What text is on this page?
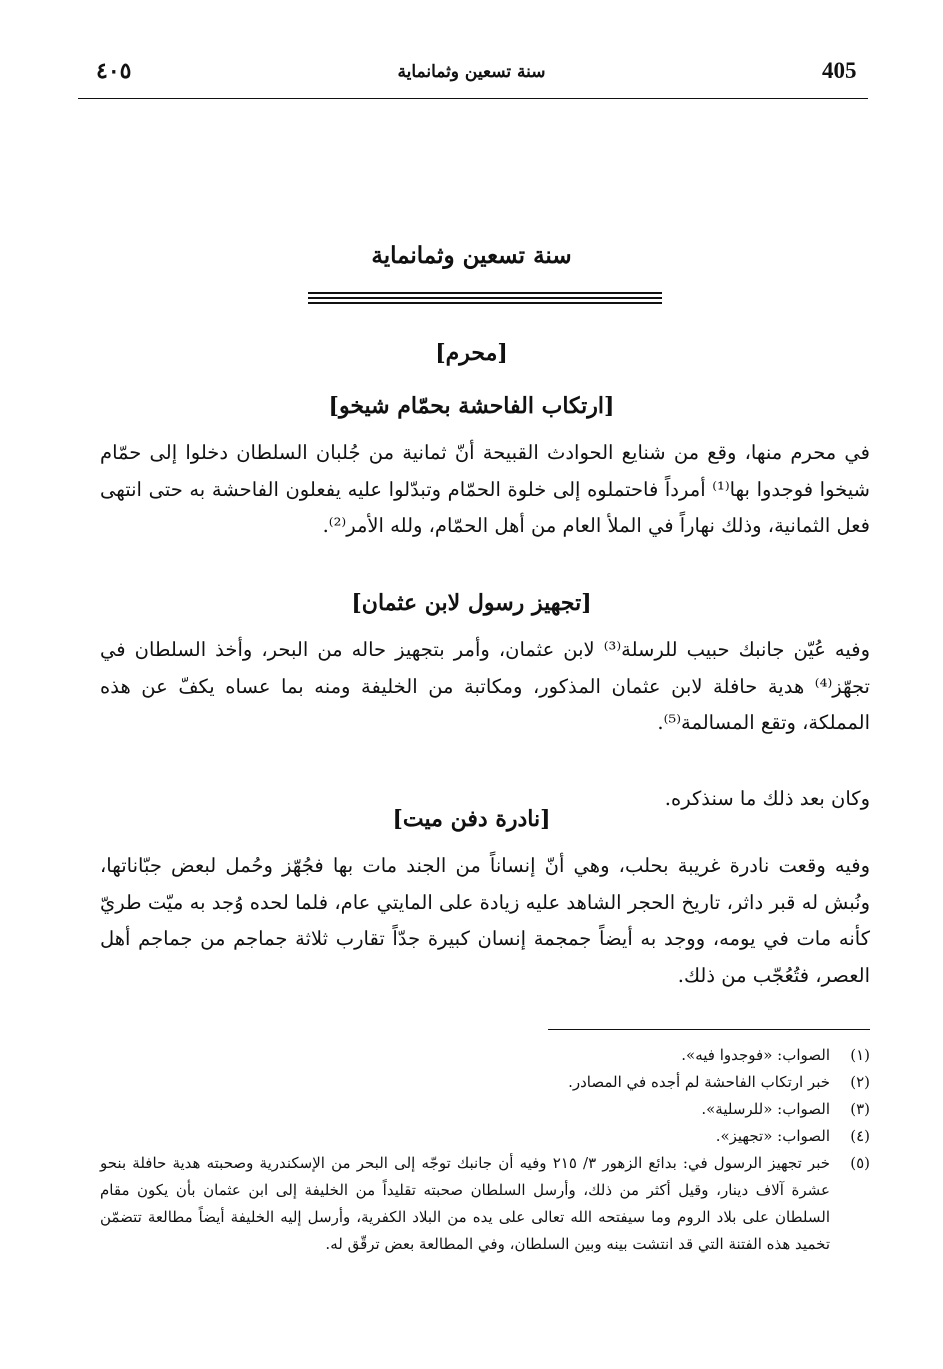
405
سنة تسعين وثمانماية
٤٠٥
سنة تسعين وثمانماية
[محرم]
[ارتكاب الفاحشة بحمّام شيخو]

في محرم منها، وقع من شنايع الحوادث القبيحة أنّ ثمانية من جُلبان السلطان دخلوا إلى حمّام شيخوا فوجدوا بها⁽¹⁾ أمرداً فاحتملوه إلى خلوة الحمّام وتبدّلوا عليه يفعلون الفاحشة به حتى انتهى فعل الثمانية، وذلك نهاراً في الملأ العام من أهل الحمّام، ولله الأمر⁽²⁾.

[تجهيز رسول لابن عثمان]

وفيه عُيّن جانبك حبيب للرسلة⁽³⁾ لابن عثمان، وأمر بتجهيز حاله من البحر، وأخذ السلطان في تجهّز⁽⁴⁾ هدية حافلة لابن عثمان المذكور، ومكاتبة من الخليفة ومنه بما عساه يكفّ عن هذه المملكة، وتقع المسالمة⁽⁵⁾.

وكان بعد ذلك ما سنذكره.

[نادرة دفن ميت]

وفيه وقعت نادرة غريبة بحلب، وهي أنّ إنساناً من الجند مات بها فجُهّز وحُمل لبعض جبّاناتها، ونُبش له قبر داثر، تاريخ الحجر الشاهد عليه زيادة على المايتي عام، فلما لحده وُجد به ميّت طريّ كأنه مات في يومه، ووجد به أيضاً جمجمة إنسان كبيرة جدّاً تقارب ثلاثة جماجم من جماجم أهل العصر، فتُعُجّب من ذلك.

(١)
الصواب: «فوجدوا فيه».
(٢)
خبر ارتكاب الفاحشة لم أجده في المصادر.
(٣)
الصواب: «للرسلية».
(٤)
الصواب: «تجهيز».
(٥)
خبر تجهيز الرسول في: بدائع الزهور ٣/ ٢١٥ وفيه أن جانبك توجّه إلى البحر من الإسكندرية وصحبته هدية حافلة بنحو عشرة آلاف دينار، وقيل أكثر من ذلك، وأرسل السلطان صحبته تقليداً من الخليفة إلى ابن عثمان بأن يكون مقام السلطان على بلاد الروم وما سيفتحه الله تعالى على يده من البلاد الكفرية، وأرسل إليه الخليفة أيضاً مطالعة تتضمّن تخميد هذه الفتنة التي قد انتشت بينه وبين السلطان، وفي المطالعة بعض ترقّق له.
